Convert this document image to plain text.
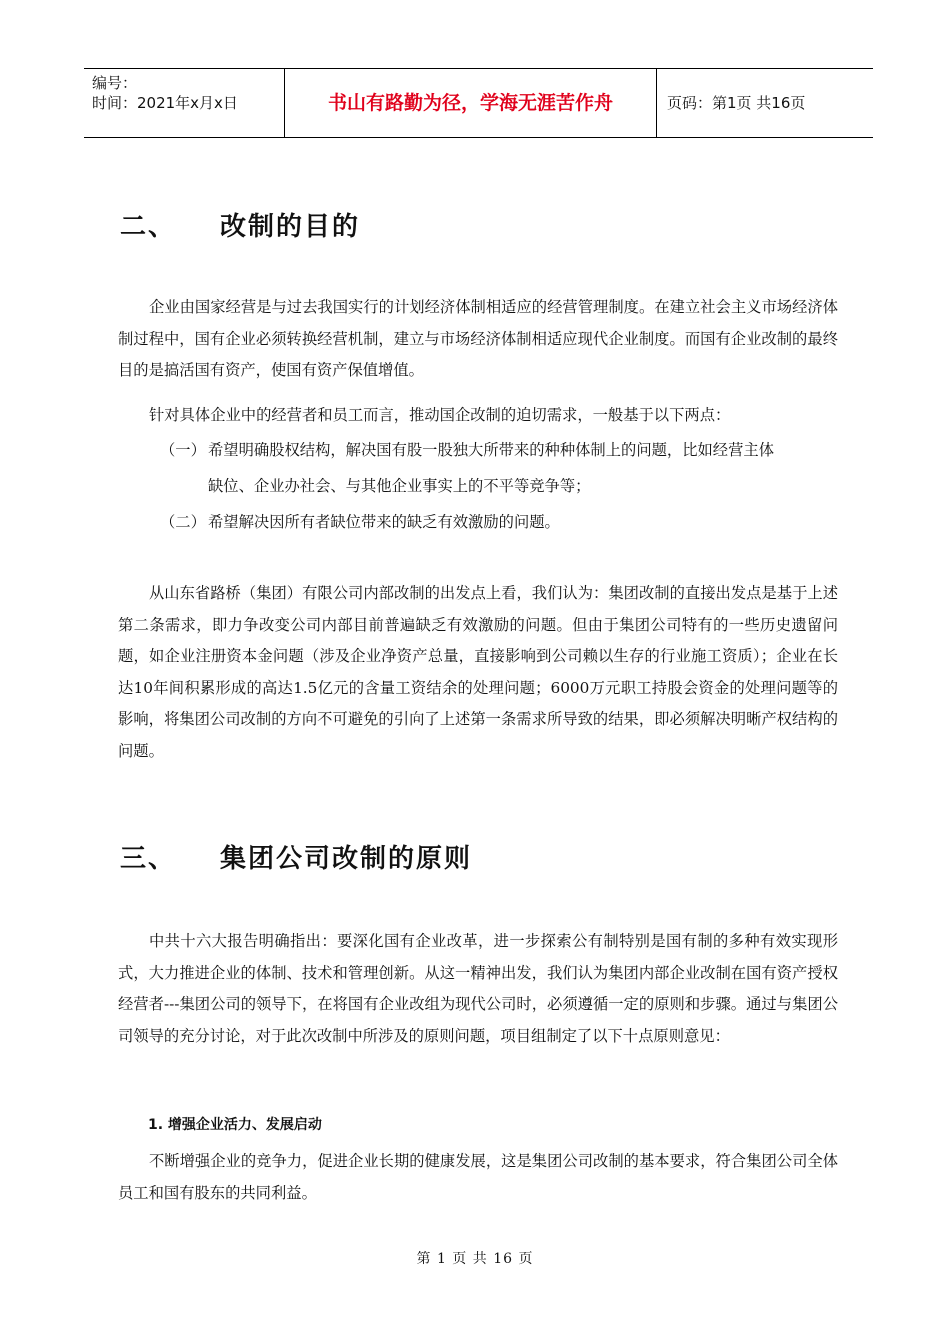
编号：
时间：2021年x月x日	书山有路勤为径，学海无涯苦作舟	页码：第1页 共16页
二、 改制的目的
企业由国家经营是与过去我国实行的计划经济体制相适应的经营管理制度。在建立社会主义市场经济体制过程中，国有企业必须转换经营机制，建立与市场经济体制相适应现代企业制度。而国有企业改制的最终目的是搞活国有资产，使国有资产保值增值。
针对具体企业中的经营者和员工而言，推动国企改制的迫切需求，一般基于以下两点：
（一） 希望明确股权结构，解决国有股一股独大所带来的种种体制上的问题，比如经营主体
缺位、企业办社会、与其他企业事实上的不平等竞争等；
（二） 希望解决因所有者缺位带来的缺乏有效激励的问题。
从山东省路桥（集团）有限公司内部改制的出发点上看，我们认为：集团改制的直接出发点是基于上述第二条需求，即力争改变公司内部目前普遍缺乏有效激励的问题。但由于集团公司特有的一些历史遗留问题，如企业注册资本金问题（涉及企业净资产总量，直接影响到公司赖以生存的行业施工资质）；企业在长达10年间积累形成的高达1.5亿元的含量工资结余的处理问题；6000万元职工持股会资金的处理问题等的影响，将集团公司改制的方向不可避免的引向了上述第一条需求所导致的结果，即必须解决明晰产权结构的问题。
三、 集团公司改制的原则
中共十六大报告明确指出：要深化国有企业改革，进一步探索公有制特别是国有制的多种有效实现形式，大力推进企业的体制、技术和管理创新。从这一精神出发，我们认为集团内部企业改制在国有资产授权经营者---集团公司的领导下，在将国有企业改组为现代公司时，必须遵循一定的原则和步骤。通过与集团公司领导的充分讨论，对于此次改制中所涉及的原则问题，项目组制定了以下十点原则意见：
1. 增强企业活力、发展启动
不断增强企业的竞争力，促进企业长期的健康发展，这是集团公司改制的基本要求，符合集团公司全体员工和国有股东的共同利益。
第 1 页 共 16 页
